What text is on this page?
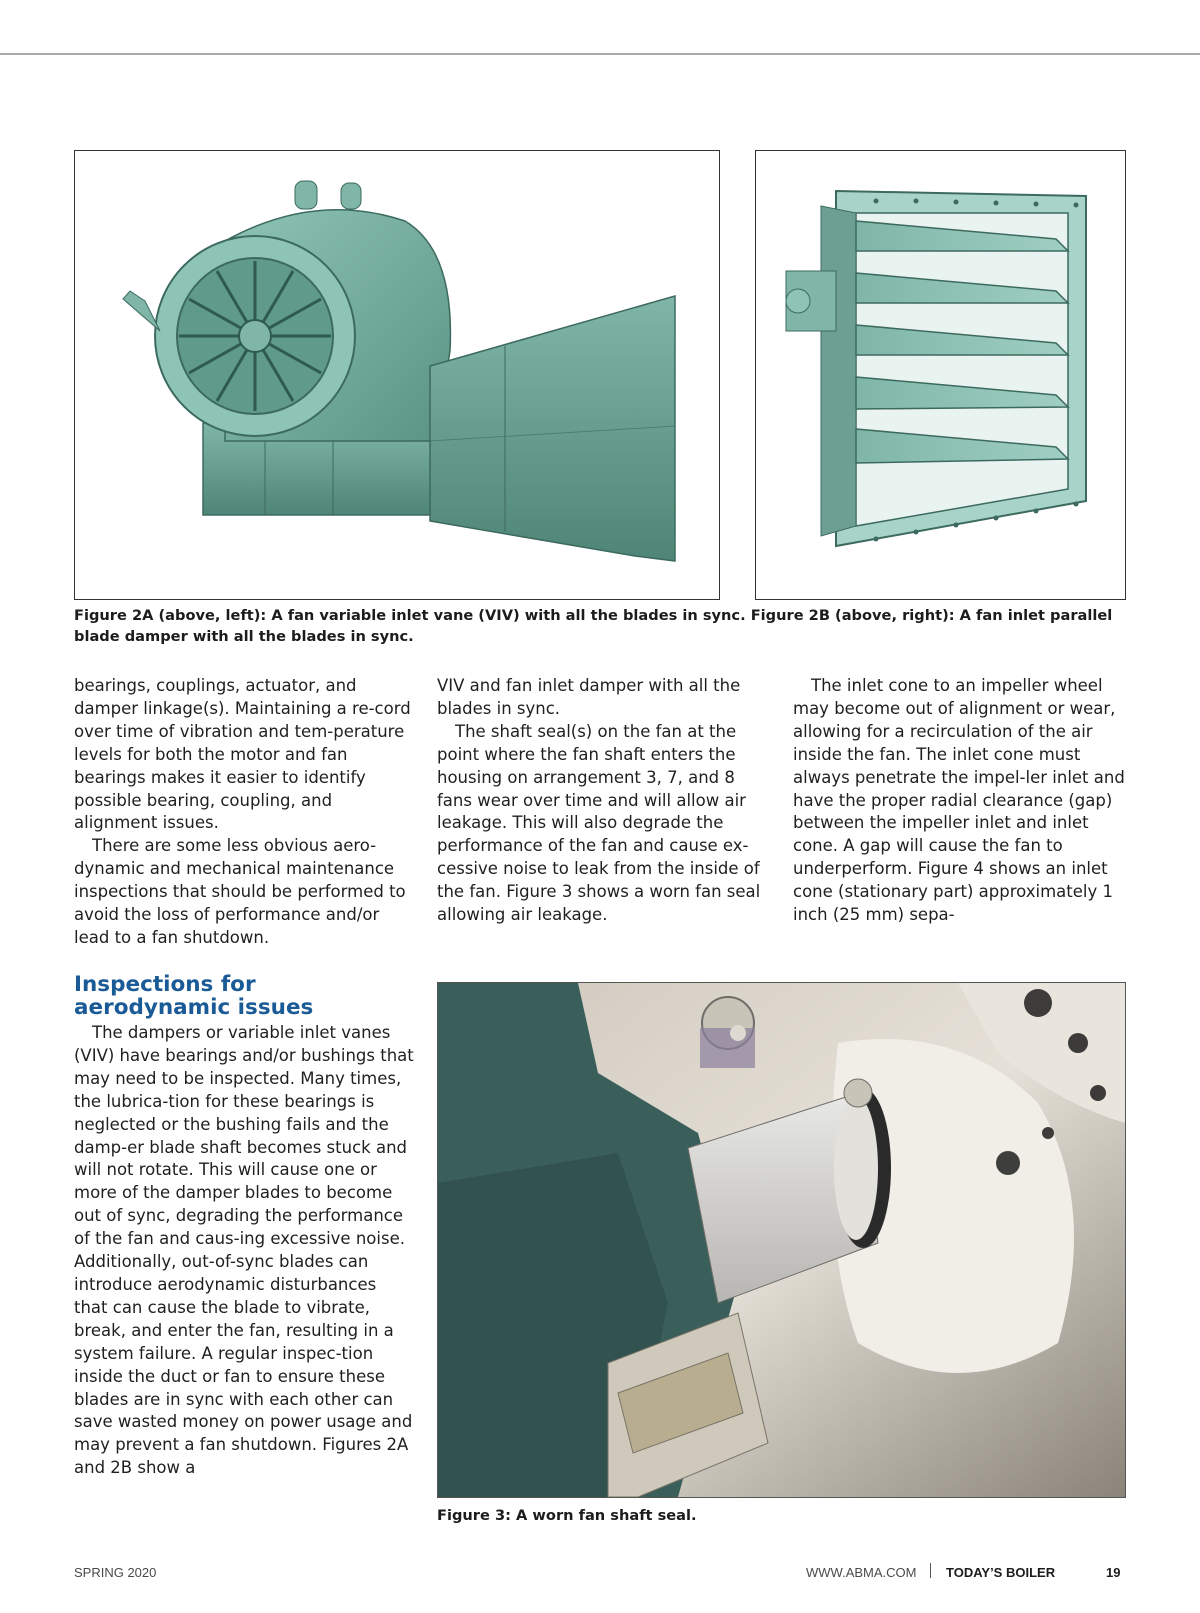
Figure 2A (above, left): A fan variable inlet vane (VIV) with all the blades in sync. Figure 2B (above, right): A fan inlet parallel blade damper with all the blades in sync.

bearings, couplings, actuator, and damper linkage(s). Maintaining a re-cord over time of vibration and tem-perature levels for both the motor and fan bearings makes it easier to identify possible bearing, coupling, and alignment issues.

There are some less obvious aero-dynamic and mechanical maintenance inspections that should be performed to avoid the loss of performance and/or lead to a fan shutdown.

VIV and fan inlet damper with all the blades in sync.

The shaft seal(s) on the fan at the point where the fan shaft enters the housing on arrangement 3, 7, and 8 fans wear over time and will allow air leakage. This will also degrade the performance of the fan and cause ex-cessive noise to leak from the inside of the fan. Figure 3 shows a worn fan seal allowing air leakage.

The inlet cone to an impeller wheel may become out of alignment or wear, allowing for a recirculation of the air inside the fan. The inlet cone must always penetrate the impel-ler inlet and have the proper radial clearance (gap) between the impeller inlet and inlet cone. A gap will cause the fan to underperform. Figure 4 shows an inlet cone (stationary part) approximately 1 inch (25 mm) sepa-

Inspections for aerodynamic issues

The dampers or variable inlet vanes (VIV) have bearings and/or bushings that may need to be inspected. Many times, the lubrica-tion for these bearings is neglected or the bushing fails and the damp-er blade shaft becomes stuck and will not rotate. This will cause one or more of the damper blades to become out of sync, degrading the performance of the fan and caus-ing excessive noise. Additionally, out-of-sync blades can introduce aerodynamic disturbances that can cause the blade to vibrate, break, and enter the fan, resulting in a system failure. A regular inspec-tion inside the duct or fan to ensure these blades are in sync with each other can save wasted money on power usage and may prevent a fan shutdown. Figures 2A and 2B show a

Figure 3: A worn fan shaft seal.
SPRING 2020	WWW.ABMA.COM TODAY’S BOILER	19
